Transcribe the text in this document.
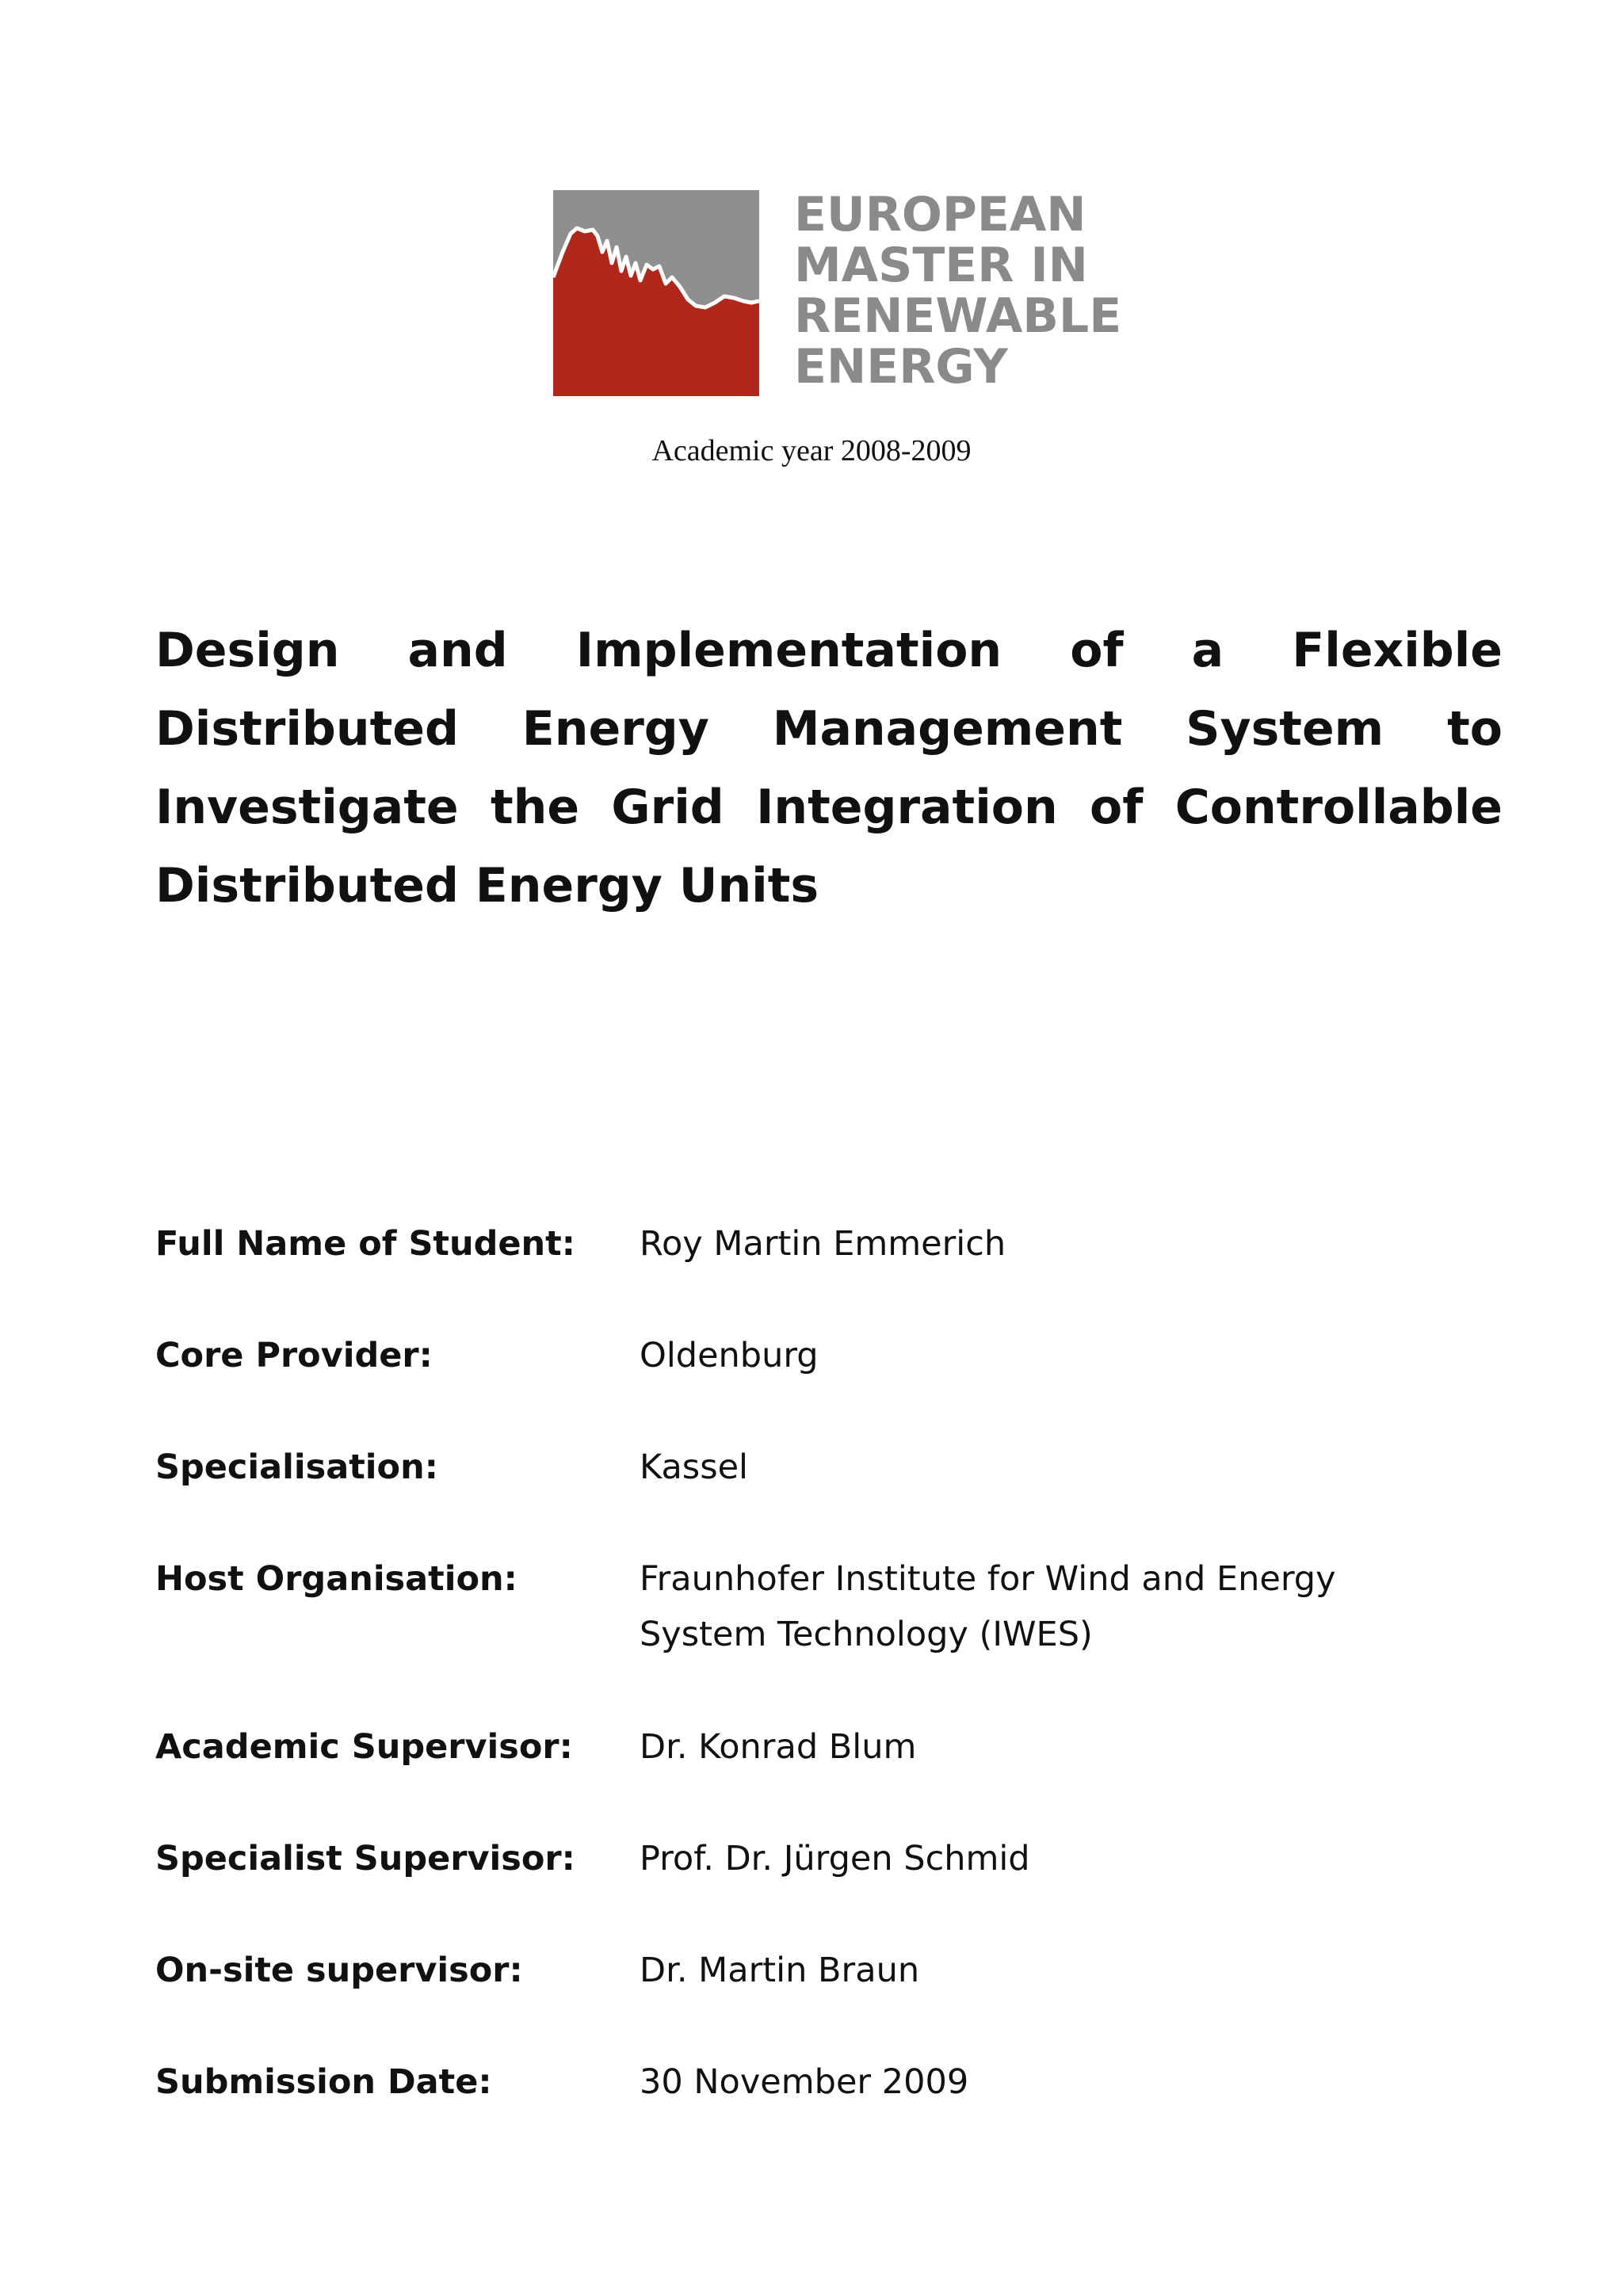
EUROPEAN
MASTER IN
RENEWABLE
ENERGY
Academic year 2008-2009
Design and Implementation of a Flexible Distributed Energy Management System to Investigate the Grid Integration of Controllable Distributed Energy Units
Full Name of Student:	Roy Martin Emmerich
Core Provider:	Oldenburg
Specialisation:	Kassel
Host Organisation:	Fraunhofer Institute for Wind and Energy System Technology (IWES)
Academic Supervisor:	Dr. Konrad Blum
Specialist Supervisor:	Prof. Dr. Jürgen Schmid
On-site supervisor:	Dr. Martin Braun
Submission Date:	30 November 2009
